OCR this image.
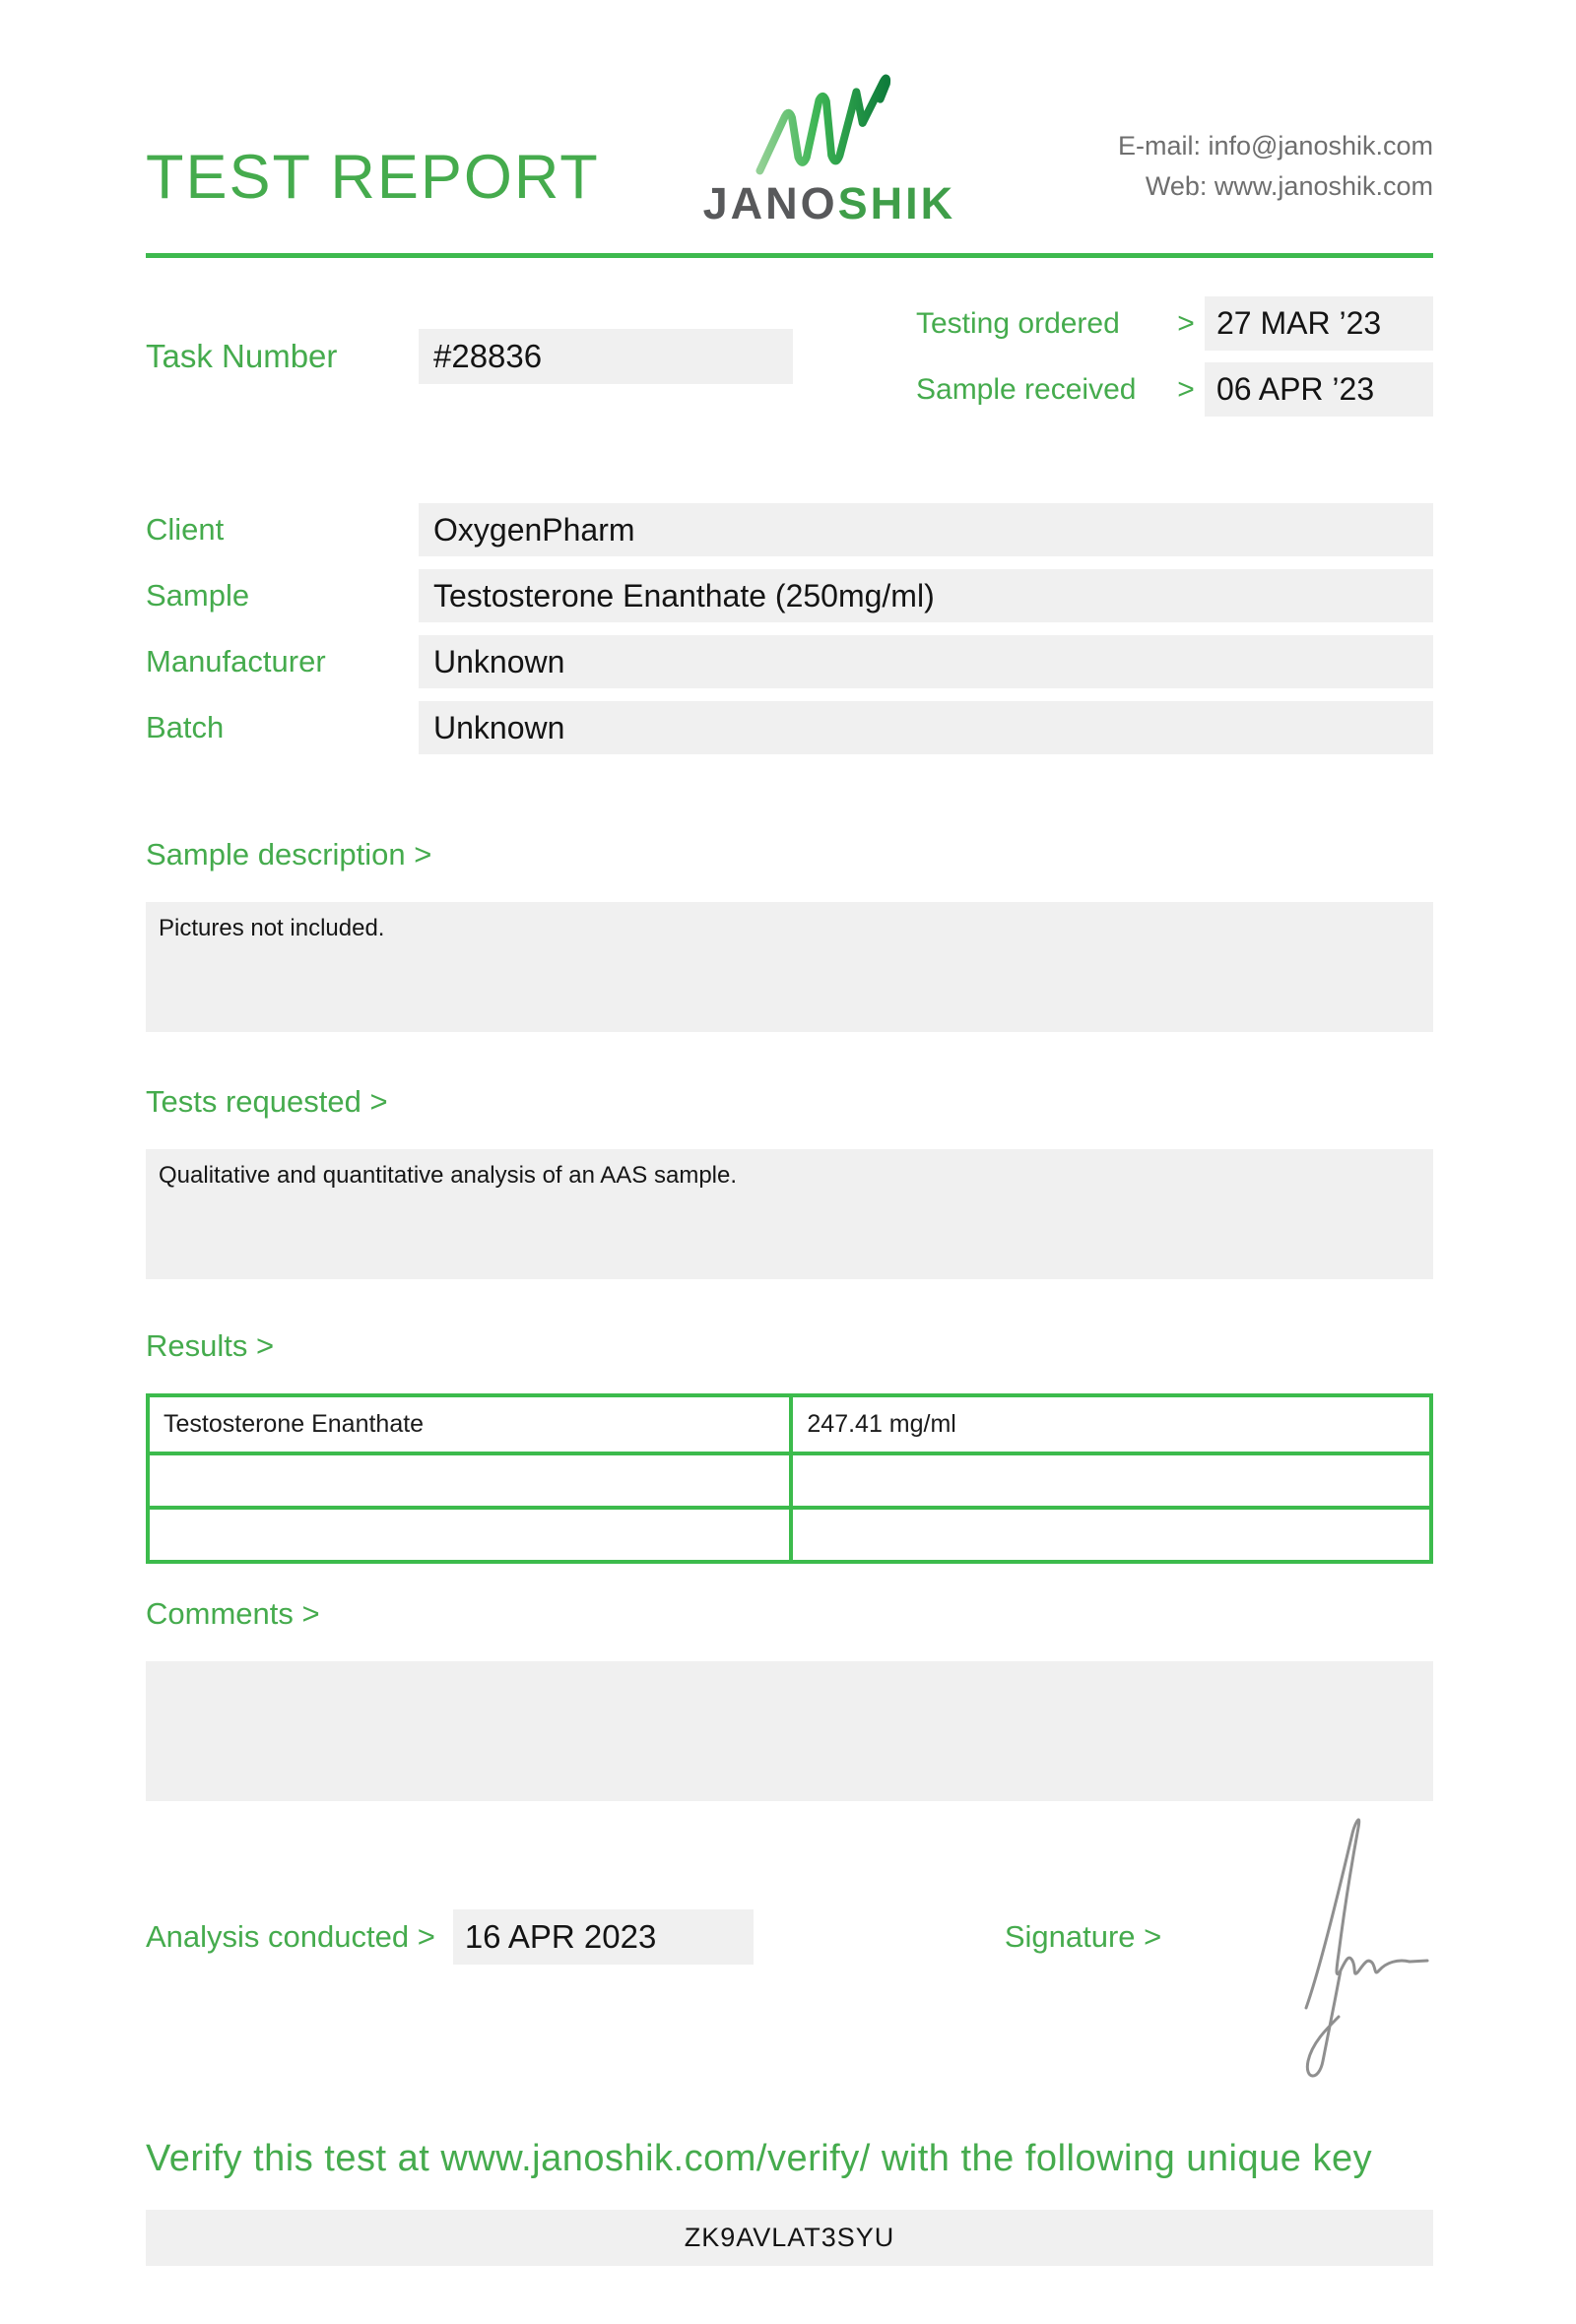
TEST REPORT JANOSHIK
E-mail: info@janoshik.com
Web: www.janoshik.com
Task Number	#28836
Testing ordered	> 27 MAR ’23
Sample received	> 06 APR ’23
Client	OxygenPharm
Sample	Testosterone Enanthate (250mg/ml)
Manufacturer	Unknown
Batch	Unknown
Sample description >
Pictures not included.
Tests requested >
Qualitative and quantitative analysis of an AAS sample.
Results >
Testosterone Enanthate	247.41 mg/ml
Comments >
Analysis conducted > 16 APR 2023	Signature >
Verify this test at www.janoshik.com/verify/ with the following unique key
ZK9AVLAT3SYU
